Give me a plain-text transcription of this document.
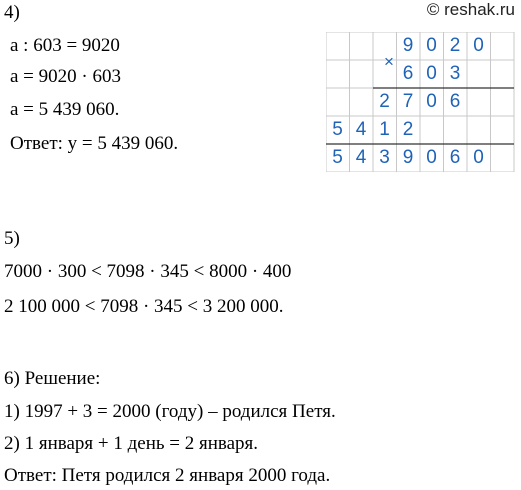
© reshak.ru
4)
а : 603 = 9020
а = 9020 · 603
а = 5 439 060.
Ответ: у = 5 439 060.
9 0 2 0
6 0 3
2 7 0 6
5 4 1 2
5 4 3 9 0 6 0
×
5)
7000 · 300 < 7098 · 345 < 8000 · 400
2 100 000 < 7098 · 345 < 3 200 000.
6) Решение:
1) 1997 + 3 = 2000 (году) – родился Петя.
2) 1 января + 1 день = 2 января.
Ответ: Петя родился 2 января 2000 года.
